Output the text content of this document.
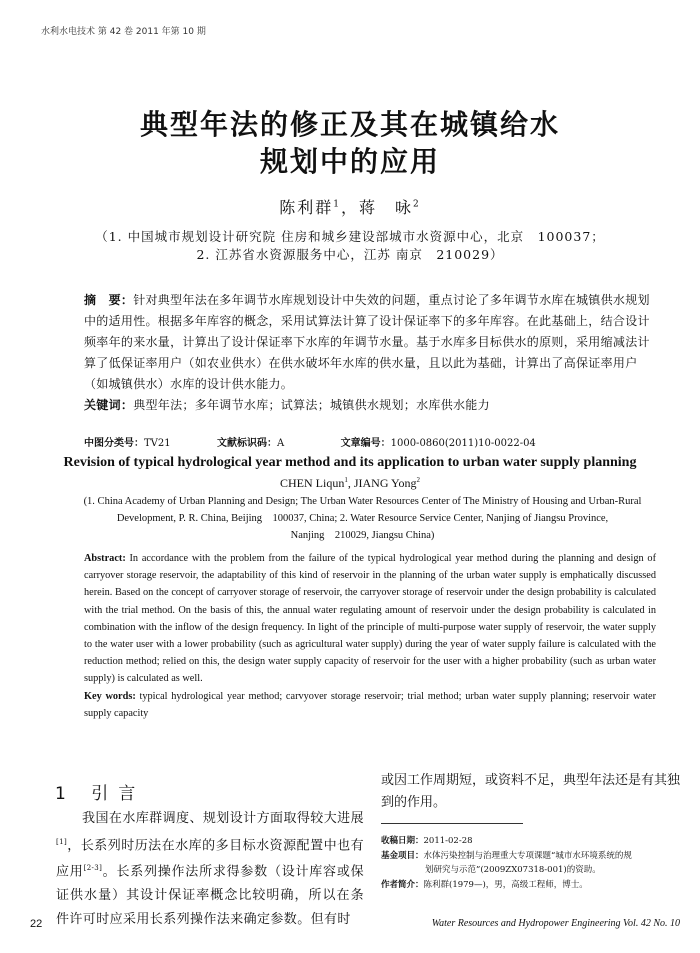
水利水电技术 第 42 卷 2011 年第 10 期
典型年法的修正及其在城镇给水
规划中的应用
陈利群$^1$，蒋　咏$^2$
（1. 中国城市规划设计研究院 住房和城乡建设部城市水资源中心，北京　100037；
2. 江苏省水资源服务中心，江苏 南京　210029）
摘　要：针对典型年法在多年调节水库规划设计中失效的问题，重点讨论了多年调节水库在城镇供水规划中的适用性。根据多年库容的概念，采用试算法计算了设计保证率下的多年库容。在此基础上，结合设计频率年的来水量，计算出了设计保证率下水库的年调节水量。基于水库多目标供水的原则，采用缩减法计算了低保证率用户（如农业供水）在供水破坏年水库的供水量，且以此为基础，计算出了高保证率用户（如城镇供水）水库的设计供水能力。
关键词：典型年法；多年调节水库；试算法；城镇供水规划；水库供水能力
中图分类号：TV21	文献标识码：A	文章编号：1000-0860(2011)10-0022-04
Revision of typical hydrological year method and its application to urban water supply planning
CHEN Liqun$^1$, JIANG Yong$^2$
(1. China Academy of Urban Planning and Design; The Urban Water Resources Center of The Ministry of Housing and Urban-Rural
Development, P. R. China, Beijing　100037, China; 2. Water Resource Service Center, Nanjing of Jiangsu Province,
Nanjing　210029, Jiangsu China)
Abstract: In accordance with the problem from the failure of the typical hydrological year method during the planning and design of carryover storage reservoir, the adaptability of this kind of reservoir in the planning of the urban water supply is emphatically discussed herein. Based on the concept of carryover storage of reservoir, the carryover storage of reservoir under the design probability is calculated with the trial method. On the basis of this, the annual water regulating amount of reservoir under the design probability is calculated in combination with the inflow of the design frequency. In light of the principle of multi-purpose water supply of reservoir, the water supply to the water user with a lower probability (such as agricultural water supply) during the year of water supply failure is calculated with the reduction method; relied on this, the design water supply capacity of reservoir for the user with a higher probability (such as urban water supply) is calculated as well.
Key words: typical hydrological year method; carvyover storage reservoir; trial method; urban water supply planning; reservoir water supply capacity
1 引言
我国在水库群调度、规划设计方面取得较大进展[1]，长系列时历法在水库的多目标水资源配置中也有应用[2-3]。长系列操作法所求得参数（设计库容或保证供水量）其设计保证率概念比较明确，所以在条件许可时应采用长系列操作法来确定参数。但有时
或因工作周期短，或资料不足，典型年法还是有其独到的作用。
收稿日期：2011-02-28
基金项目：水体污染控制与治理重大专项课题“城市水环境系统的规
划研究与示范”(2009ZX07318-001)的资助。
作者简介：陈利群(1979—)，男，高级工程师，博士。
22	Water Resources and Hydropower Engineering Vol. 42 No. 10
